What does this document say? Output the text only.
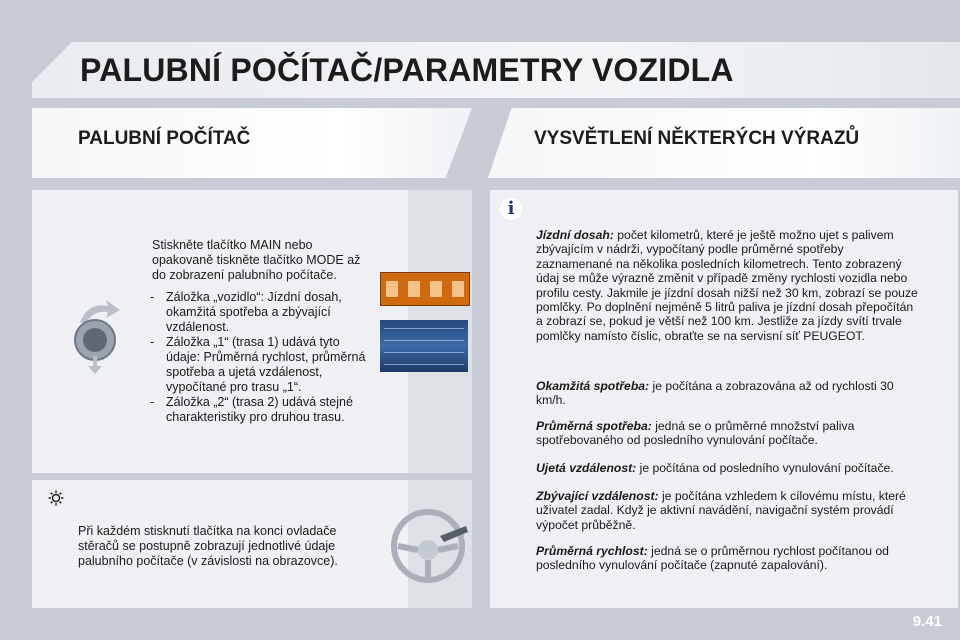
PALUBNÍ POČÍTAČ/PARAMETRY VOZIDLA
PALUBNÍ POČÍTAČ	VYSVĚTLENÍ NĚKTERÝCH VÝRAZŮ

Stiskněte tlačítko MAIN nebo opakovaně tiskněte tlačítko MODE až do zobrazení palubního počítače.

- Záložka „vozidlo“: Jízdní dosah, okamžitá spotřeba a zbývající vzdálenost.
- Záložka „1“ (trasa 1) udává tyto údaje: Průměrná rychlost, průměrná spotřeba a ujetá vzdálenost, vypočítané pro trasu „1“.
- Záložka „2“ (trasa 2) udává stejné charakteristiky pro druhou trasu.

Při každém stisknutí tlačítka na konci ovladače stěračů se postupně zobrazují jednotlivé údaje palubního počítače (v závislosti na obrazovce).

i
Jízdní dosah: počet kilometrů, které je ještě možno ujet s palivem zbývajícím v nádrži, vypočítaný podle průměrné spotřeby zaznamenané na několika posledních kilometrech. Tento zobrazený údaj se může výrazně změnit v případě změny rychlosti vozidla nebo profilu cesty. Jakmile je jízdní dosah nižší než 30 km, zobrazí se pouze pomlčky. Po doplnění nejméně 5 litrů paliva je jízdní dosah přepočítán a zobrazí se, pokud je větší než 100 km. Jestliže za jízdy svítí trvale pomlčky namísto číslic, obraťte se na servisní síť PEUGEOT.
Okamžitá spotřeba: je počítána a zobrazována až od rychlosti 30 km/h.
Průměrná spotřeba: jedná se o průměrné množství paliva spotřebovaného od posledního vynulování počítače.
Ujetá vzdálenost: je počítána od posledního vynulování počítače.
Zbývající vzdálenost: je počítána vzhledem k cílovému místu, které uživatel zadal. Když je aktivní navádění, navigační systém provádí výpočet průběžně.
Průměrná rychlost: jedná se o průměrnou rychlost počítanou od posledního vynulování počítače (zapnuté zapalování).
9.41
